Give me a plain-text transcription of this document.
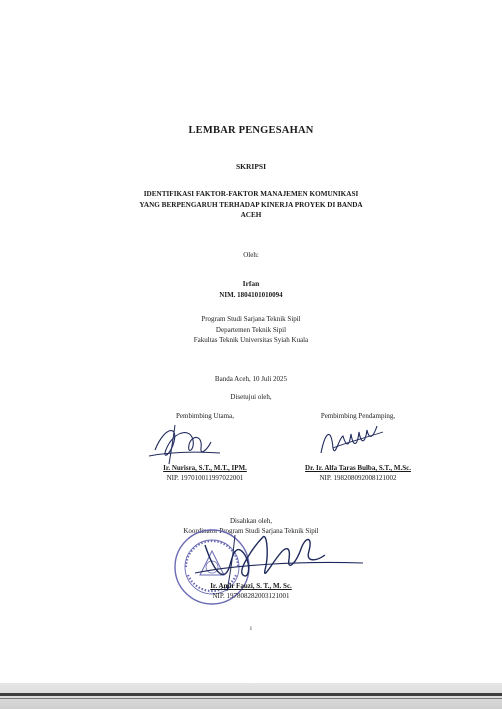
LEMBAR PENGESAHAN
SKRIPSI
IDENTIFIKASI FAKTOR-FAKTOR MANAJEMEN KOMUNIKASI
YANG BERPENGARUH TERHADAP KINERJA PROYEK DI BANDA
ACEH
Oleh:
Irfan
NIM. 1804101010094
Program Studi Sarjana Teknik Sipil
Departemen Teknik Sipil
Fakultas Teknik Universitas Syiah Kuala
Banda Aceh, 10 Juli 2025
Disetujui oleh,
Pembimbing Utama,
Ir. Nurisra, S.T., M.T., IPM.
NIP. 197010011997022001
Pembimbing Pendamping,
Dr. Ir. Alfa Taras Bulba, S.T., M.Sc.
NIP. 198208092008121002
Disahkan oleh,
Koordinator Program Studi Sarjana Teknik Sipil
Ir. Amir Fauzi, S. T., M. Sc.
NIP. 197808282003121001
i
